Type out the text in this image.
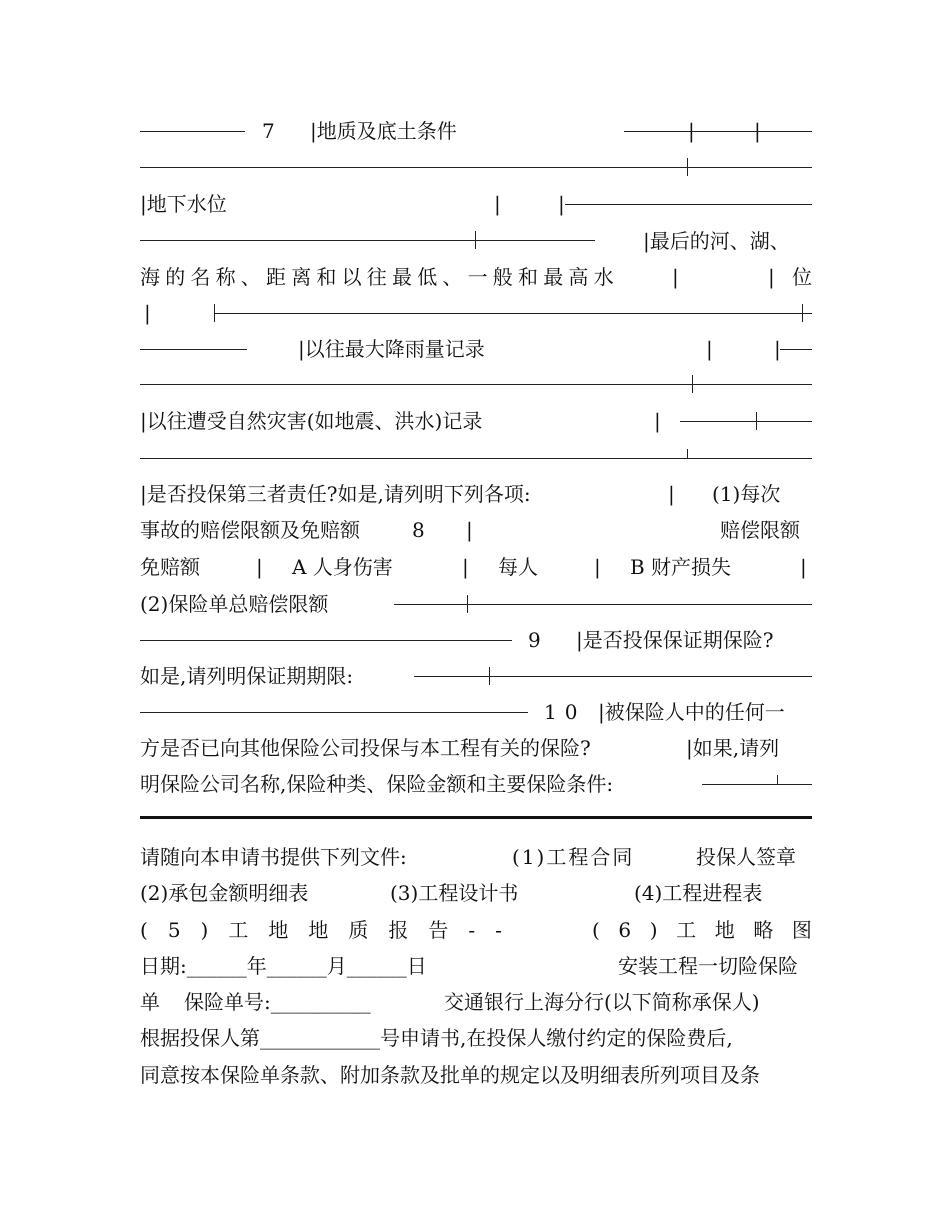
7 |地质及底土条件	|	|
|地下水位	|	|
|最后的河、湖、
海的名称、距离和以往最低、一般和最高水	|	| 位
|
|以往最大降雨量记录	|	|
|以往遭受自然灾害(如地震、洪水)记录	|
|是否投保第三者责任?如是,请列明下列各项:	| (1)每次
事故的赔偿限额及免赔额	8 |	赔偿限额
免赔额	| A 人身伤害	| 每人	| B 财产损失	|
(2)保险单总赔偿限额
9 |是否投保保证期保险?
如是,请列明保证期期限:
10 |被保险人中的任何一
方是否已向其他保险公司投保与本工程有关的保险?	|如果,请列
明保险公司名称,保险种类、保险金额和主要保险条件:
请随向本申请书提供下列文件:	(1)工程合同	投保人签章
(2)承包金额明细表	(3)工程设计书	(4)工程进程表
( 5 ) 工 地 地 质 报 告 - -	( 6 ) 工 地 略 图
日期:______年______月______日	安装工程一切险保险
单 保险单号:__________	交通银行上海分行(以下简称承保人)
根据投保人第____________号申请书,在投保人缴付约定的保险费后,
同意按本保险单条款、附加条款及批单的规定以及明细表所列项目及条
